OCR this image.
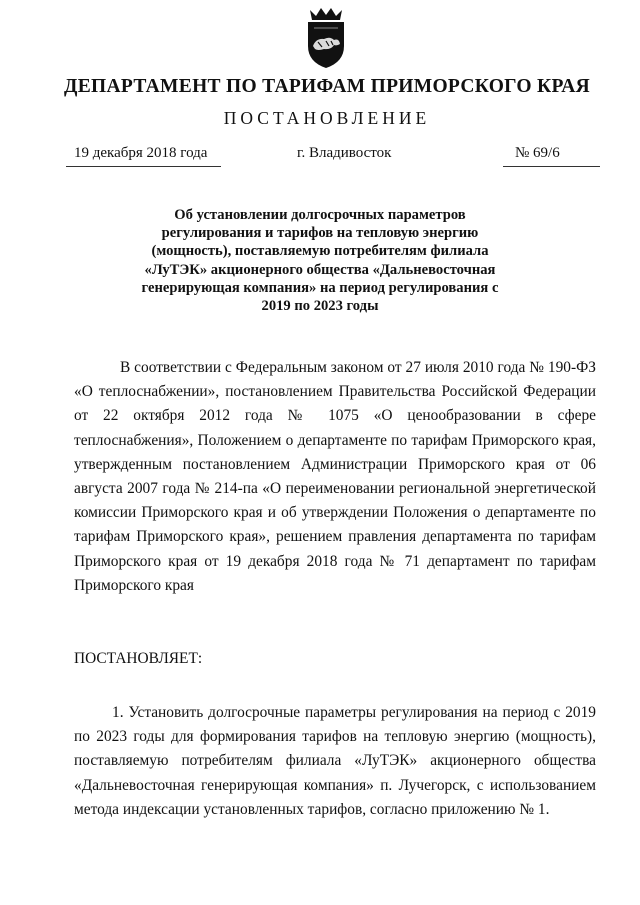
ДЕПАРТАМЕНТ ПО ТАРИФАМ ПРИМОРСКОГО КРАЯ
ПОСТАНОВЛЕНИЕ
19 декабря 2018 года	г. Владивосток	№ 69/6
Об установлении долгосрочных параметров регулирования и тарифов на тепловую энергию (мощность), поставляемую потребителям филиала «ЛуТЭК» акционерного общества «Дальневосточная генерирующая компания» на период регулирования с 2019 по 2023 годы
В соответствии с Федеральным законом от 27 июля 2010 года № 190-ФЗ «О теплоснабжении», постановлением Правительства Российской Федерации от 22 октября 2012 года № 1075 «О ценообразовании в сфере теплоснабжения», Положением о департаменте по тарифам Приморского края, утвержденным постановлением Администрации Приморского края от 06 августа 2007 года № 214-па «О переименовании региональной энергетической комиссии Приморского края и об утверждении Положения о департаменте по тарифам Приморского края», решением правления департамента по тарифам Приморского края от 19 декабря 2018 года № 71 департамент по тарифам Приморского края
ПОСТАНОВЛЯЕТ:
1. Установить долгосрочные параметры регулирования на период с 2019 по 2023 годы для формирования тарифов на тепловую энергию (мощность), поставляемую потребителям филиала «ЛуТЭК» акционерного общества «Дальневосточная генерирующая компания» п. Лучегорск, с использованием метода индексации установленных тарифов, согласно приложению № 1.
